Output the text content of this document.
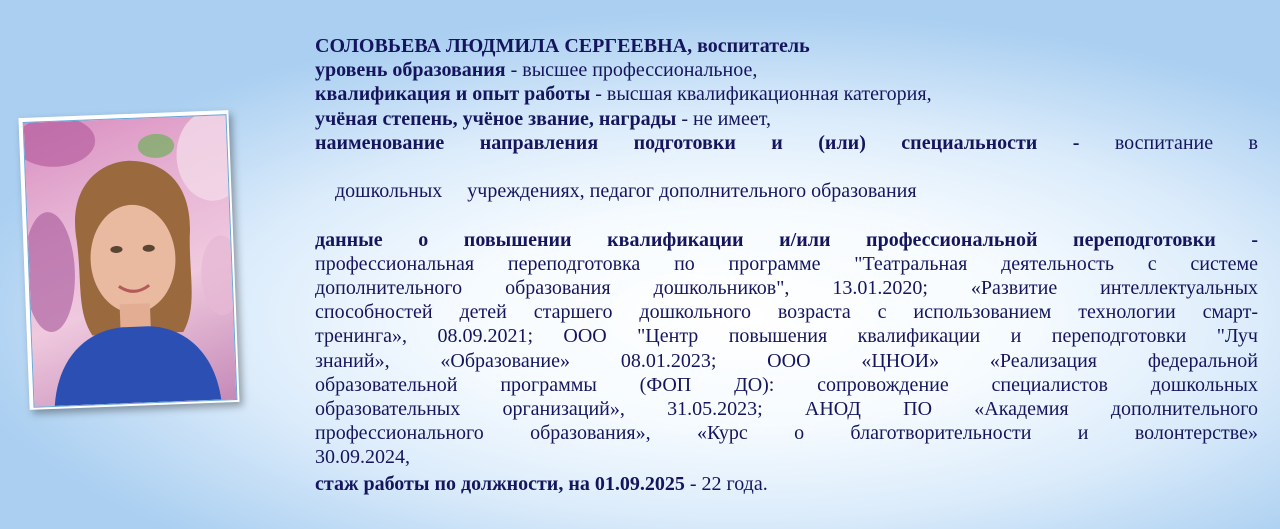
СОЛОВЬЕВА ЛЮДМИЛА СЕРГЕЕВНА, воспитатель

уровень образования - высшее профессиональное,

квалификация и опыт работы - высшая квалификационная категория,

учёная степень, учёное звание, награды - не имеет,

наименование направления подготовки и (или) специальности - воспитание в

дошкольных     учреждениях, педагог дополнительного образования

данные о повышении квалификации и/или профессиональной переподготовки -

профессиональная переподготовка по программе "Театральная деятельность с системе

дополнительного образования дошкольников", 13.01.2020; «Развитие интеллектуальных

способностей детей старшего дошкольного возраста с использованием технологии смарт-

тренинга», 08.09.2021; ООО "Центр повышения квалификации и переподготовки "Луч

знаний», «Образование» 08.01.2023; ООО «ЦНОИ» «Реализация федеральной

образовательной программы (ФОП ДО): сопровождение специалистов дошкольных

образовательных организаций», 31.05.2023; АНОД ПО «Академия дополнительного

профессионального образования», «Курс о благотворительности и волонтерстве»

30.09.2024,

стаж работы по должности, на 01.09.2025 - 22 года.
